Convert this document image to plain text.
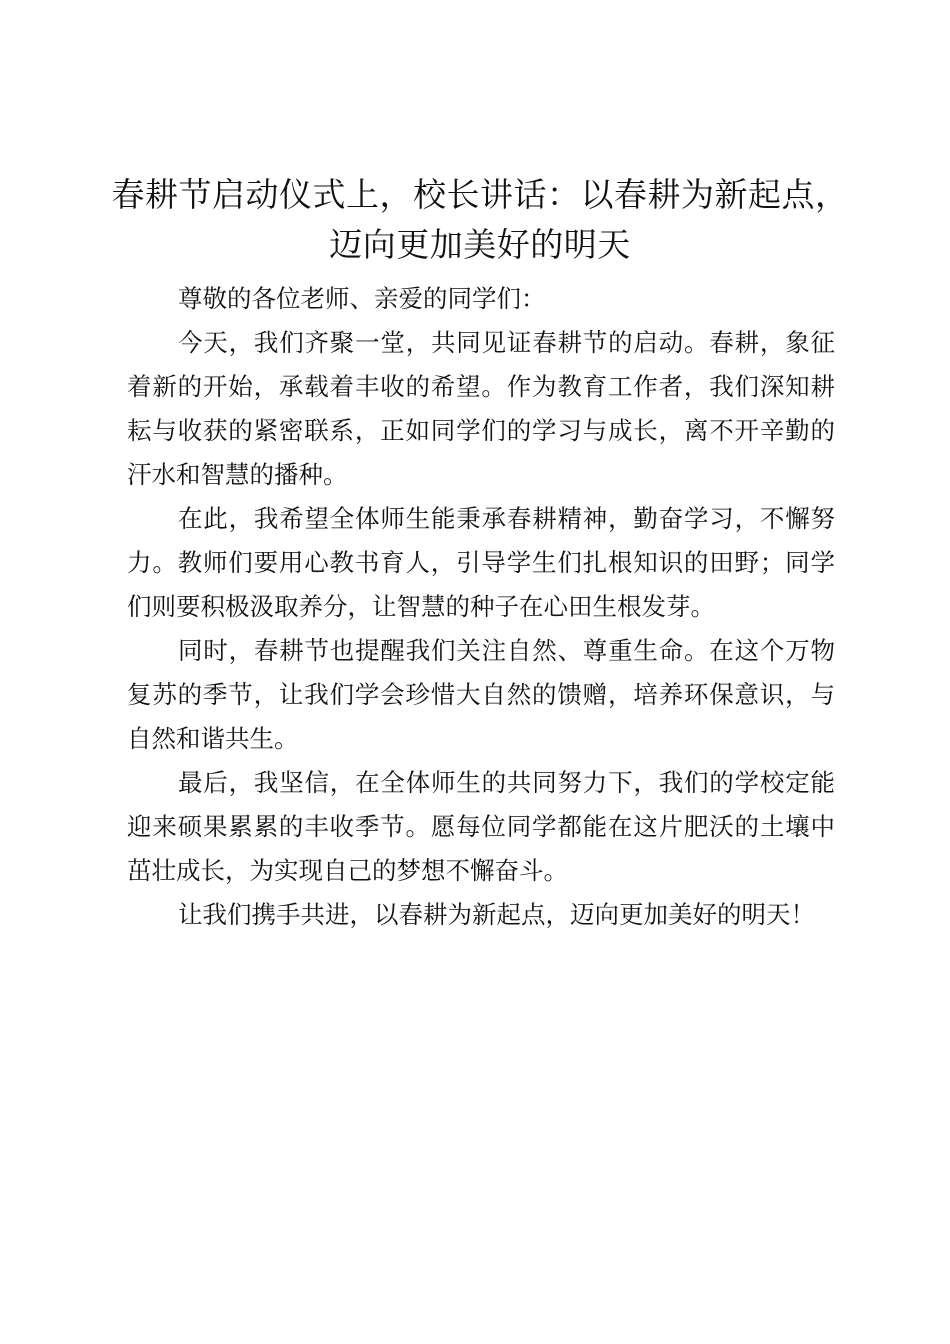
春耕节启动仪式上，校长讲话：以春耕为新起点，迈向更加美好的明天

尊敬的各位老师、亲爱的同学们：

今天，我们齐聚一堂，共同见证春耕节的启动。春耕，象征着新的开始，承载着丰收的希望。作为教育工作者，我们深知耕耘与收获的紧密联系，正如同学们的学习与成长，离不开辛勤的汗水和智慧的播种。

在此，我希望全体师生能秉承春耕精神，勤奋学习，不懈努力。教师们要用心教书育人，引导学生们扎根知识的田野；同学们则要积极汲取养分，让智慧的种子在心田生根发芽。

同时，春耕节也提醒我们关注自然、尊重生命。在这个万物复苏的季节，让我们学会珍惜大自然的馈赠，培养环保意识，与自然和谐共生。

最后，我坚信，在全体师生的共同努力下，我们的学校定能迎来硕果累累的丰收季节。愿每位同学都能在这片肥沃的土壤中茁壮成长，为实现自己的梦想不懈奋斗。

让我们携手共进，以春耕为新起点，迈向更加美好的明天！
